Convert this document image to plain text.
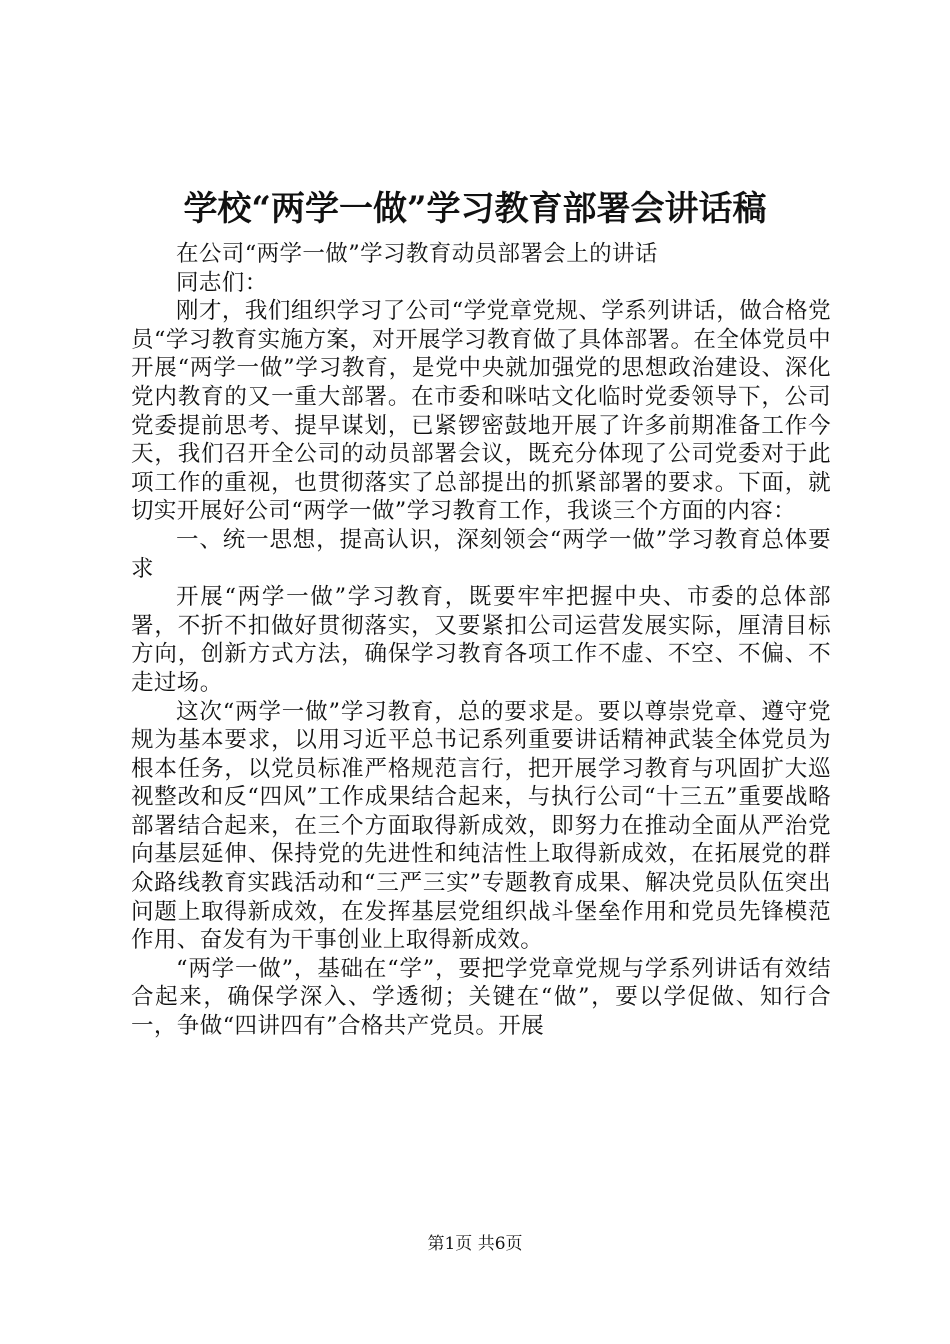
学校“两学一做”学习教育部署会讲话稿

在公司“两学一做”学习教育动员部署会上的讲话

同志们：

刚才，我们组织学习了公司“学党章党规、学系列讲话，做合格党员“学习教育实施方案，对开展学习教育做了具体部署。在全体党员中开展“两学一做”学习教育，是党中央就加强党的思想政治建设、深化党内教育的又一重大部署。在市委和咪咕文化临时党委领导下，公司党委提前思考、提早谋划，已紧锣密鼓地开展了许多前期准备工作今天，我们召开全公司的动员部署会议，既充分体现了公司党委对于此项工作的重视，也贯彻落实了总部提出的抓紧部署的要求。下面，就切实开展好公司“两学一做”学习教育工作，我谈三个方面的内容：

一、统一思想，提高认识，深刻领会“两学一做”学习教育总体要求

开展“两学一做”学习教育，既要牢牢把握中央、市委的总体部署，不折不扣做好贯彻落实，又要紧扣公司运营发展实际，厘清目标方向，创新方式方法，确保学习教育各项工作不虚、不空、不偏、不走过场。

这次“两学一做”学习教育，总的要求是。要以尊崇党章、遵守党规为基本要求，以用习近平总书记系列重要讲话精神武装全体党员为根本任务，以党员标准严格规范言行，把开展学习教育与巩固扩大巡视整改和反“四风”工作成果结合起来，与执行公司“十三五”重要战略部署结合起来，在三个方面取得新成效，即努力在推动全面从严治党向基层延伸、保持党的先进性和纯洁性上取得新成效，在拓展党的群众路线教育实践活动和“三严三实”专题教育成果、解决党员队伍突出问题上取得新成效，在发挥基层党组织战斗堡垒作用和党员先锋模范作用、奋发有为干事创业上取得新成效。

“两学一做”，基础在“学”，要把学党章党规与学系列讲话有效结合起来，确保学深入、学透彻；关键在“做”，要以学促做、知行合一，争做“四讲四有”合格共产党员。开展

第1页 共6页
